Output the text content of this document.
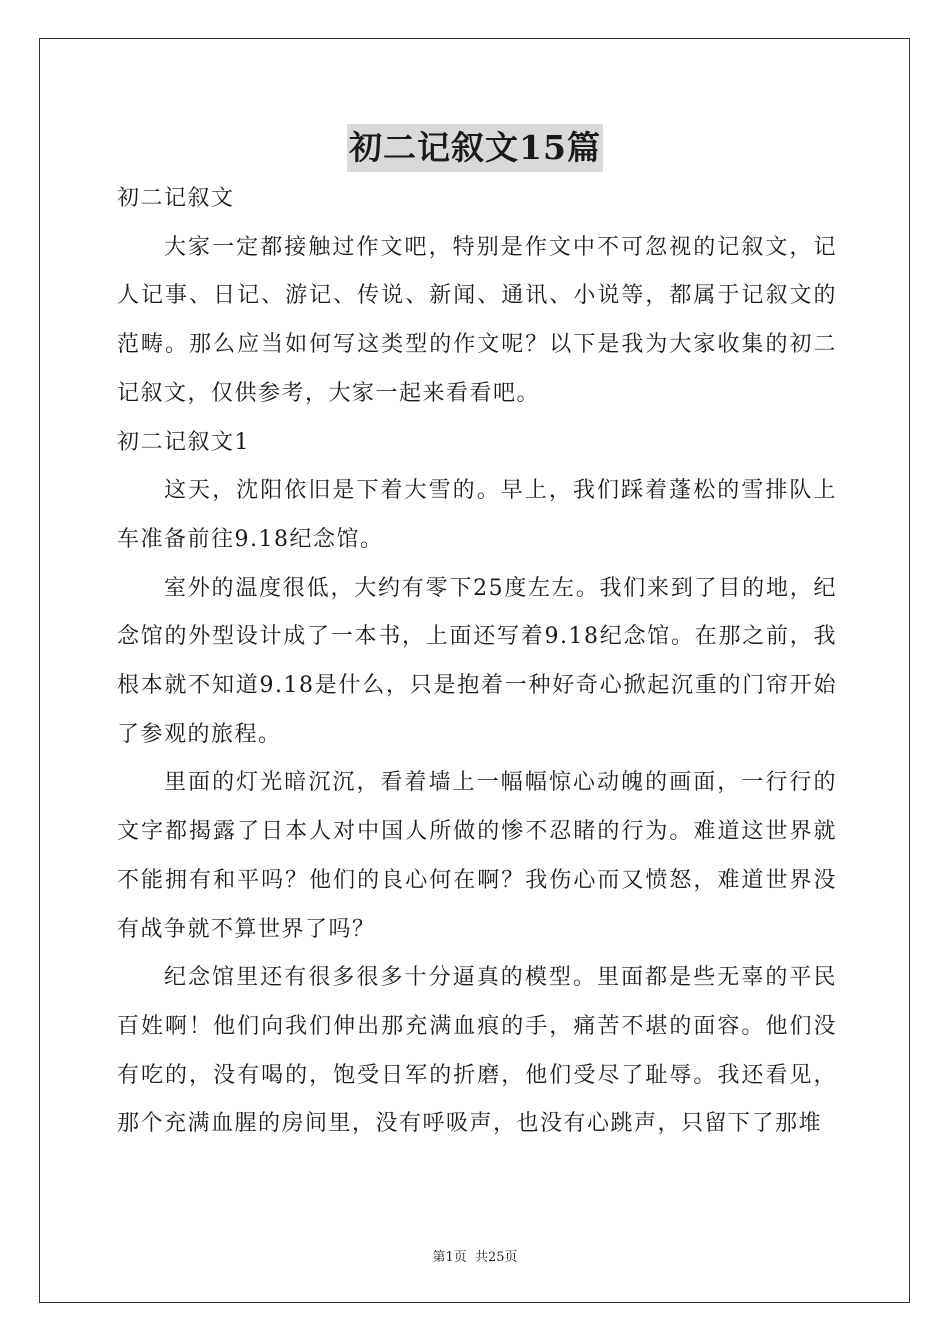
初二记叙文15篇

初二记叙文

大家一定都接触过作文吧，特别是作文中不可忽视的记叙文，记人记事、日记、游记、传说、新闻、通讯、小说等，都属于记叙文的范畴。那么应当如何写这类型的作文呢？以下是我为大家收集的初二记叙文，仅供参考，大家一起来看看吧。

初二记叙文1

这天，沈阳依旧是下着大雪的。早上，我们踩着蓬松的雪排队上车准备前往9.18纪念馆。

室外的温度很低，大约有零下25度左左。我们来到了目的地，纪念馆的外型设计成了一本书，上面还写着9.18纪念馆。在那之前，我根本就不知道9.18是什么，只是抱着一种好奇心掀起沉重的门帘开始了参观的旅程。

里面的灯光暗沉沉，看着墙上一幅幅惊心动魄的画面，一行行的文字都揭露了日本人对中国人所做的惨不忍睹的行为。难道这世界就不能拥有和平吗？他们的良心何在啊？我伤心而又愤怒，难道世界没有战争就不算世界了吗？

纪念馆里还有很多很多十分逼真的模型。里面都是些无辜的平民百姓啊！他们向我们伸出那充满血痕的手，痛苦不堪的面容。他们没有吃的，没有喝的，饱受日军的折磨，他们受尽了耻辱。我还看见，那个充满血腥的房间里，没有呼吸声，也没有心跳声，只留下了那堆

第1页 共25页
